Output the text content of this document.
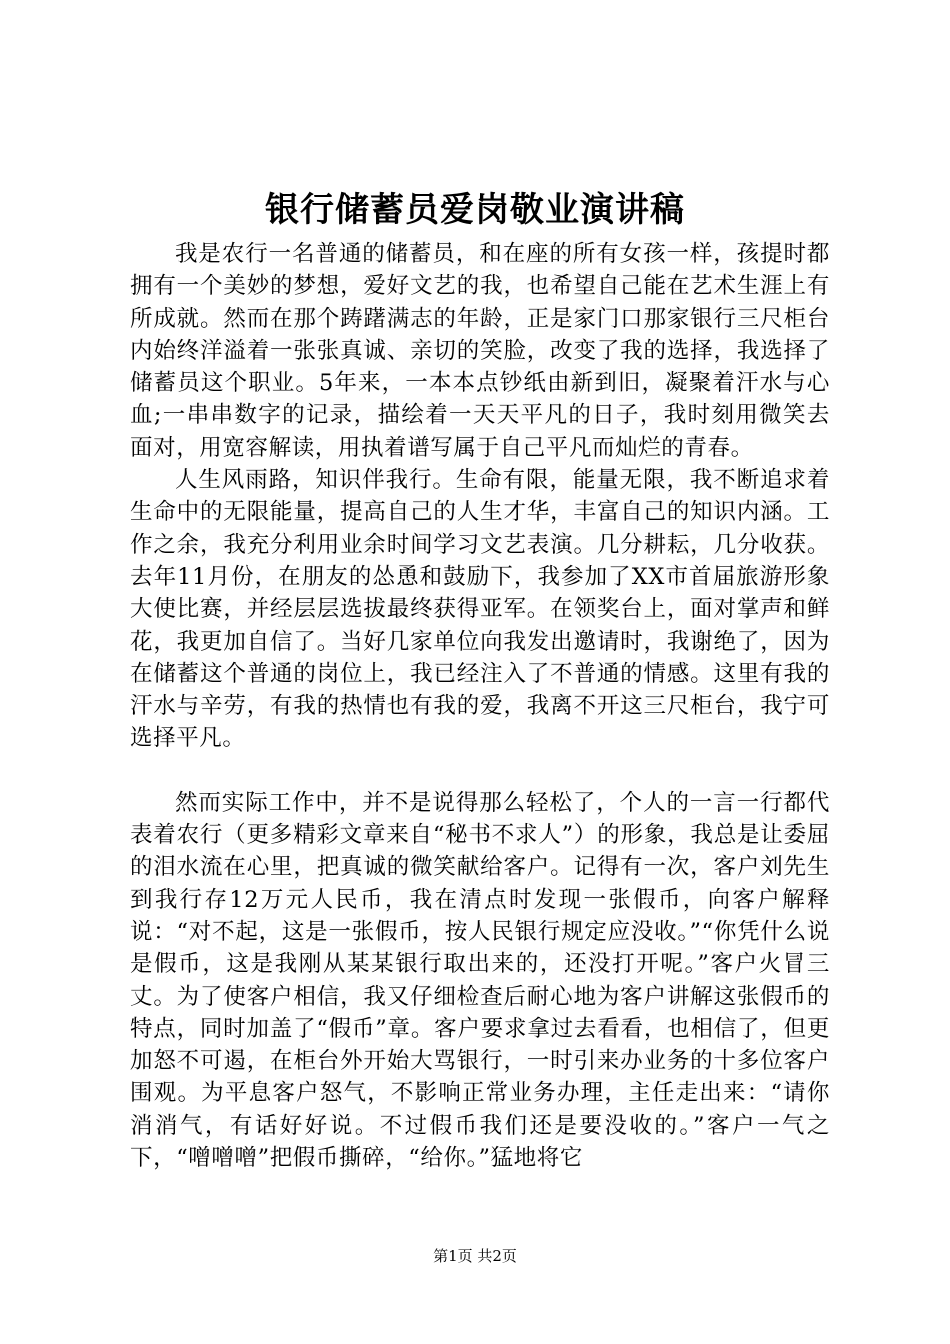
银行储蓄员爱岗敬业演讲稿

我是农行一名普通的储蓄员，和在座的所有女孩一样，孩提时都拥有一个美妙的梦想，爱好文艺的我，也希望自己能在艺术生涯上有所成就。然而在那个踌躇满志的年龄，正是家门口那家银行三尺柜台内始终洋溢着一张张真诚、亲切的笑脸，改变了我的选择，我选择了储蓄员这个职业。5年来，一本本点钞纸由新到旧，凝聚着汗水与心血;一串串数字的记录，描绘着一天天平凡的日子，我时刻用微笑去面对，用宽容解读，用执着谱写属于自己平凡而灿烂的青春。

人生风雨路，知识伴我行。生命有限，能量无限，我不断追求着生命中的无限能量，提高自己的人生才华，丰富自己的知识内涵。工作之余，我充分利用业余时间学习文艺表演。几分耕耘，几分收获。去年11月份，在朋友的怂恿和鼓励下，我参加了XX市首届旅游形象大使比赛，并经层层选拔最终获得亚军。在领奖台上，面对掌声和鲜花，我更加自信了。当好几家单位向我发出邀请时，我谢绝了，因为在储蓄这个普通的岗位上，我已经注入了不普通的情感。这里有我的汗水与辛劳，有我的热情也有我的爱，我离不开这三尺柜台，我宁可选择平凡。

然而实际工作中，并不是说得那么轻松了，个人的一言一行都代表着农行（更多精彩文章来自“秘书不求人”）的形象，我总是让委屈的泪水流在心里，把真诚的微笑献给客户。记得有一次，客户刘先生到我行存12万元人民币，我在清点时发现一张假币，向客户解释说：“对不起，这是一张假币，按人民银行规定应没收。”“你凭什么说是假币，这是我刚从某某银行取出来的，还没打开呢。”客户火冒三丈。为了使客户相信，我又仔细检查后耐心地为客户讲解这张假币的特点，同时加盖了“假币”章。客户要求拿过去看看，也相信了，但更加怒不可遏，在柜台外开始大骂银行，一时引来办业务的十多位客户围观。为平息客户怒气，不影响正常业务办理，主任走出来：“请你消消气，有话好好说。不过假币我们还是要没收的。”客户一气之下，“噌噌噌”把假币撕碎，“给你。”猛地将它

第1页 共2页
